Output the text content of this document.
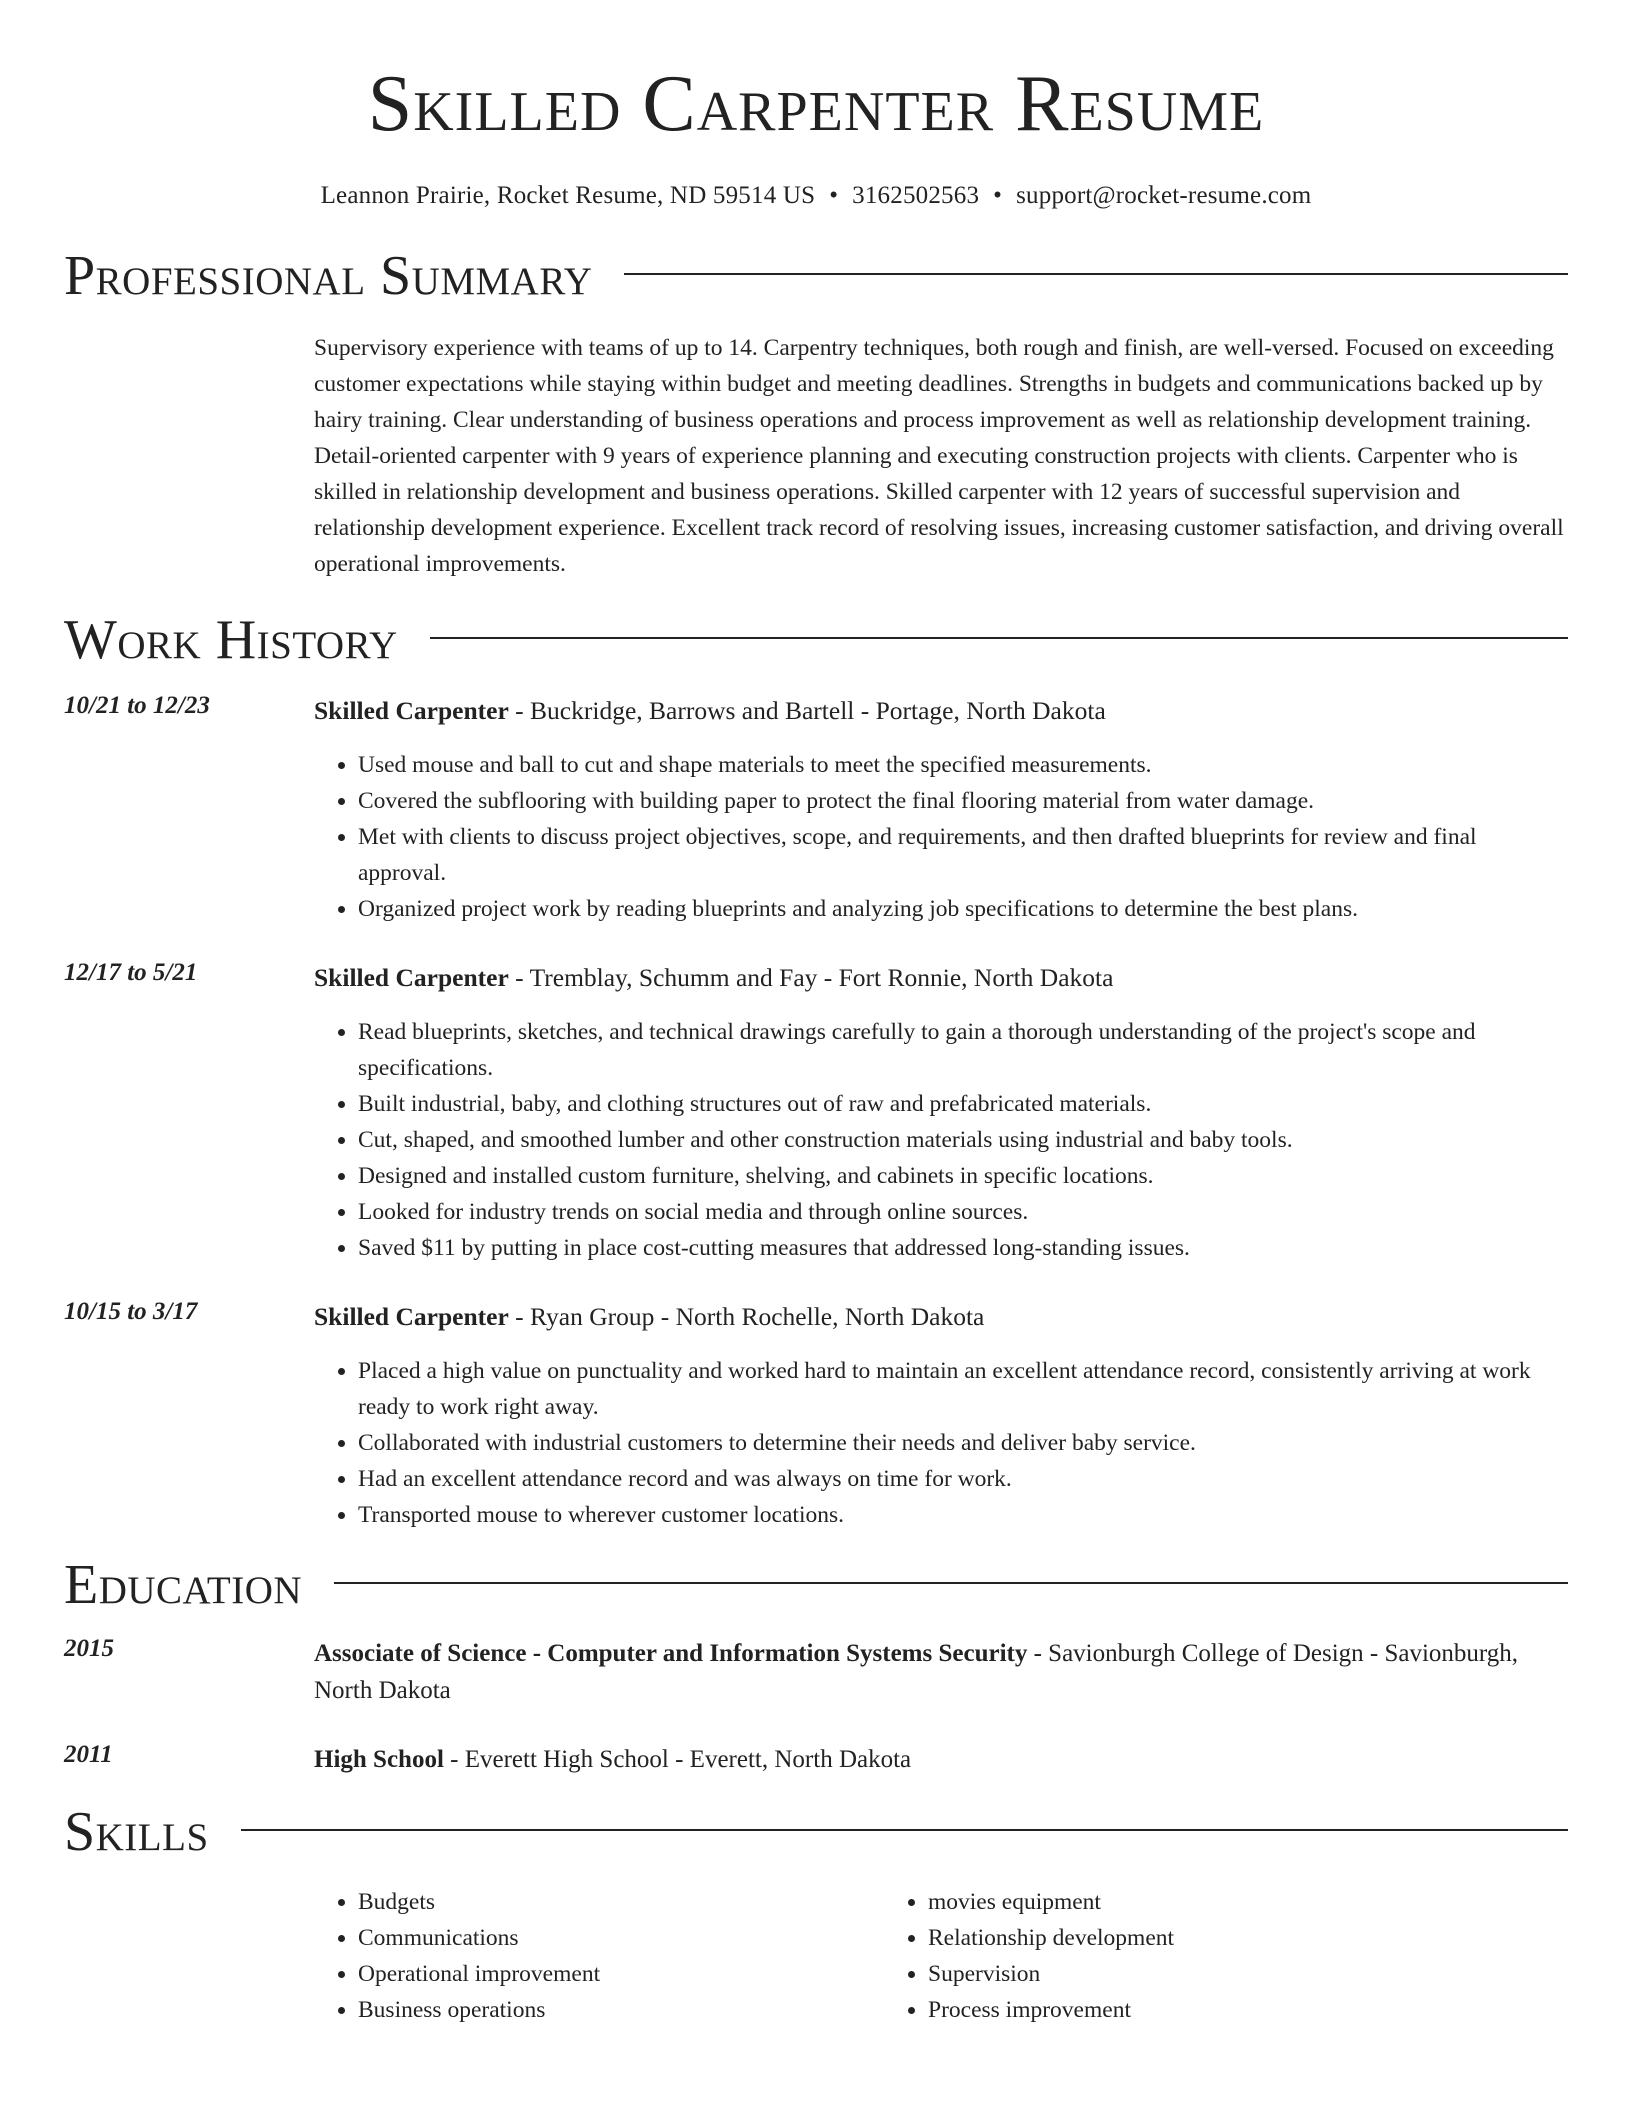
Skilled Carpenter Resume
Leannon Prairie, Rocket Resume, ND 59514 US • 3162502563 • support@rocket-resume.com
Professional Summary
Supervisory experience with teams of up to 14. Carpentry techniques, both rough and finish, are well-versed. Focused on exceeding customer expectations while staying within budget and meeting deadlines. Strengths in budgets and communications backed up by hairy training. Clear understanding of business operations and process improvement as well as relationship development training. Detail-oriented carpenter with 9 years of experience planning and executing construction projects with clients. Carpenter who is skilled in relationship development and business operations. Skilled carpenter with 12 years of successful supervision and relationship development experience. Excellent track record of resolving issues, increasing customer satisfaction, and driving overall operational improvements.
Work History
10/21 to 12/23	Skilled Carpenter - Buckridge, Barrows and Bartell - Portage, North Dakota
• Used mouse and ball to cut and shape materials to meet the specified measurements.
• Covered the subflooring with building paper to protect the final flooring material from water damage.
• Met with clients to discuss project objectives, scope, and requirements, and then drafted blueprints for review and final approval.
• Organized project work by reading blueprints and analyzing job specifications to determine the best plans.
12/17 to 5/21	Skilled Carpenter - Tremblay, Schumm and Fay - Fort Ronnie, North Dakota
• Read blueprints, sketches, and technical drawings carefully to gain a thorough understanding of the project's scope and specifications.
• Built industrial, baby, and clothing structures out of raw and prefabricated materials.
• Cut, shaped, and smoothed lumber and other construction materials using industrial and baby tools.
• Designed and installed custom furniture, shelving, and cabinets in specific locations.
• Looked for industry trends on social media and through online sources.
• Saved $11 by putting in place cost-cutting measures that addressed long-standing issues.
10/15 to 3/17	Skilled Carpenter - Ryan Group - North Rochelle, North Dakota
• Placed a high value on punctuality and worked hard to maintain an excellent attendance record, consistently arriving at work ready to work right away.
• Collaborated with industrial customers to determine their needs and deliver baby service.
• Had an excellent attendance record and was always on time for work.
• Transported mouse to wherever customer locations.
Education
2015	Associate of Science - Computer and Information Systems Security - Savionburgh College of Design - Savionburgh, North Dakota
2011	High School - Everett High School - Everett, North Dakota
Skills
• Budgets
• Communications
• Operational improvement
• Business operations
• movies equipment
• Relationship development
• Supervision
• Process improvement
